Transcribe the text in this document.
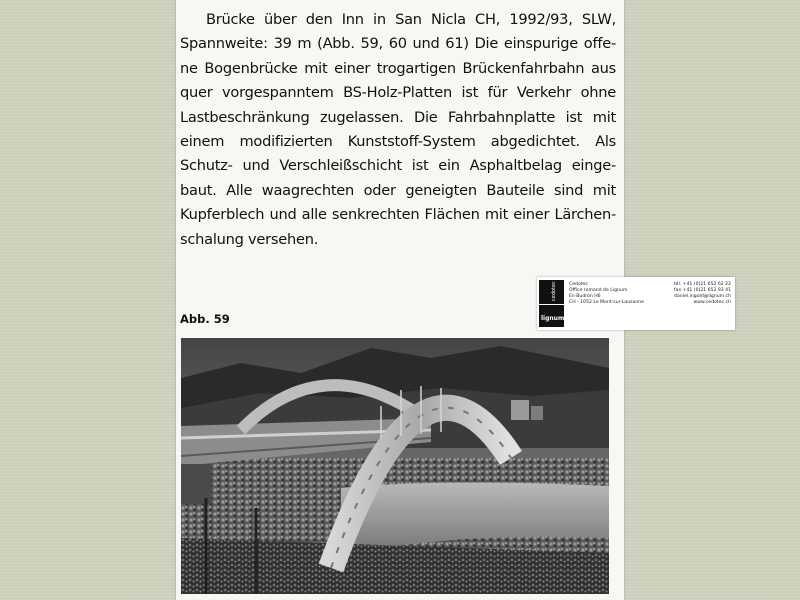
Brücke über den Inn in San Nicla CH, 1992/93, SLW,
Spannweite: 39 m (Abb. 59, 60 und 61) Die einspurige offe-
ne Bogenbrücke mit einer trogartigen Brückenfahrbahn aus
quer vorgespanntem BS-Holz-Platten ist für Verkehr ohne
Lastbeschränkung zugelassen. Die Fahrbahnplatte ist mit
einem modifizierten Kunststoff-System abgedichtet. Als
Schutz- und Verschleißschicht ist ein Asphaltbelag einge-
baut. Alle waagrechten oder geneigten Bauteile sind mit
Kupferblech und alle senkrechten Flächen mit einer Lärchen-
schalung versehen.
Abb. 59
cedotec
lignum
Cedotec
Office romand de Lignum
En Budron H6
CH - 1052 Le Mont-sur-Lausanne
tél. +41 (0)21 652 62 22
fax +41 (0)21 652 93 41
daniel.ingold@lignum.ch
www.cedotec.ch
